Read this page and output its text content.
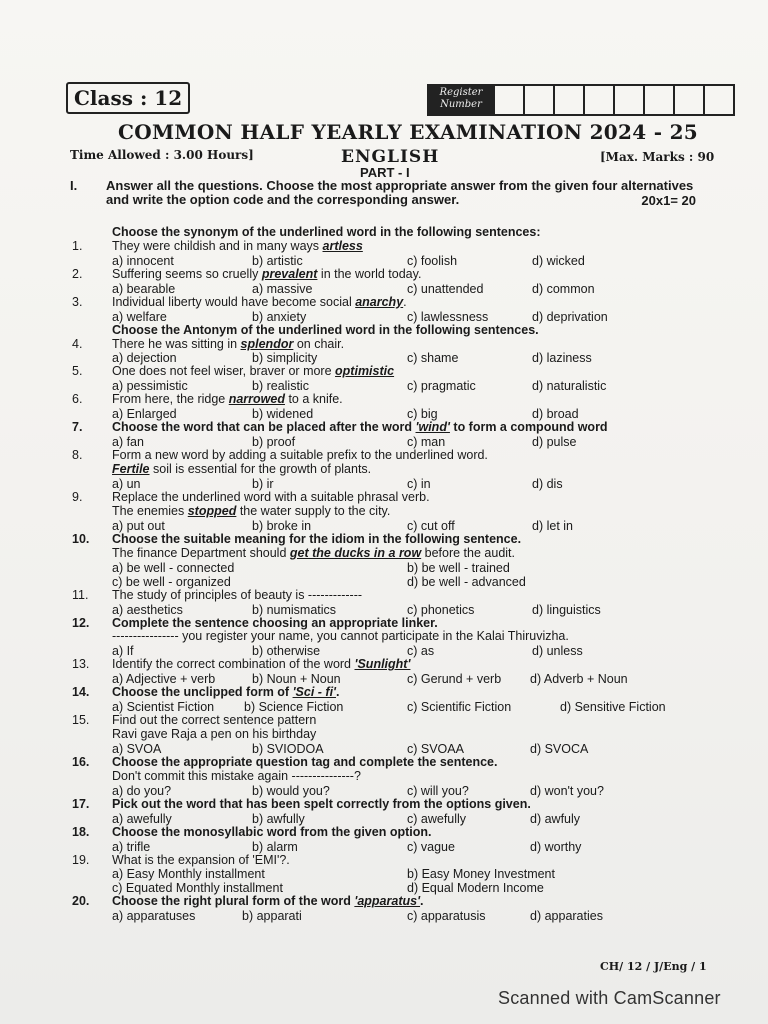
Class : 12	Register Number
COMMON HALF YEARLY EXAMINATION 2024 - 25
Time Allowed : 3.00 Hours]	ENGLISH	[Max. Marks : 90
PART - I
I. Answer all the questions. Choose the most appropriate answer from the given four alternatives and write the option code and the corresponding answer.	20x1= 20
Choose the synonym of the underlined word in the following sentences:
1.	They were childish and in many ways artless
a) innocent	b) artistic	c) foolish	d) wicked
2.	Suffering seems so cruelly prevalent in the world today.
a) bearable	a) massive	c) unattended	d) common
3.	Individual liberty would have become social anarchy.
a) welfare	b) anxiety	c) lawlessness	d) deprivation
Choose the Antonym of the underlined word in the following sentences.
4.	There he was sitting in splendor on chair.
a) dejection	b) simplicity	c) shame	d) laziness
5.	One does not feel wiser, braver or more optimistic
a) pessimistic	b) realistic	c) pragmatic	d) naturalistic
6.	From here, the ridge narrowed to a knife.
a) Enlarged	b) widened	c) big	d) broad
7.	Choose the word that can be placed after the word 'wind' to form a compound word
a) fan	b) proof	c) man	d) pulse
8.	Form a new word by adding a suitable prefix to the underlined word.
Fertile soil is essential for the growth of plants.
a) un	b) ir	c) in	d) dis
9.	Replace the underlined word with a suitable phrasal verb.
The enemies stopped the water supply to the city.
a) put out	b) broke in	c) cut off	d) let in
10.	Choose the suitable meaning for the idiom in the following sentence.
The finance Department should get the ducks in a row before the audit.
a) be well - connected	b) be well - trained
c) be well - organized	d) be well - advanced
11.	The study of principles of beauty is -------------
a) aesthetics	b) numismatics	c) phonetics	d) linguistics
12.	Complete the sentence choosing an appropriate linker.
---------------- you register your name, you cannot participate in the Kalai Thiruvizha.
a) If	b) otherwise	c) as	d) unless
13.	Identify the correct combination of the word 'Sunlight'
a) Adjective + verb	b) Noun + Noun	c) Gerund + verb d) Adverb + Noun
14.	Choose the unclipped form of 'Sci - fi'.
a) Scientist Fiction b) Science Fiction	c) Scientific Fiction	d) Sensitive Fiction
15.	Find out the correct sentence pattern
Ravi gave Raja a pen on his birthday
a) SVOA	b) SVIODOA	c) SVOAA	d) SVOCA
16.	Choose the appropriate question tag and complete the sentence.
Don't commit this mistake again ---------------?
a) do you?	b) would you?	c) will you?	d) won't you?
17.	Pick out the word that has been spelt correctly from the options given.
a) awefully	b) awfully	c) awefully	d) awfuly
18.	Choose the monosyllabic word from the given option.
a) trifle	b) alarm	c) vague	d) worthy
19.	What is the expansion of 'EMI'?.
a) Easy Monthly installment	b) Easy Money Investment
c) Equated Monthly installment	d) Equal Modern Income
20.	Choose the right plural form of the word 'apparatus'.
a) apparatuses	b) apparati	c) apparatusis	d) apparaties
CH/ 12 / J/Eng / 1
Scanned with CamScanner
